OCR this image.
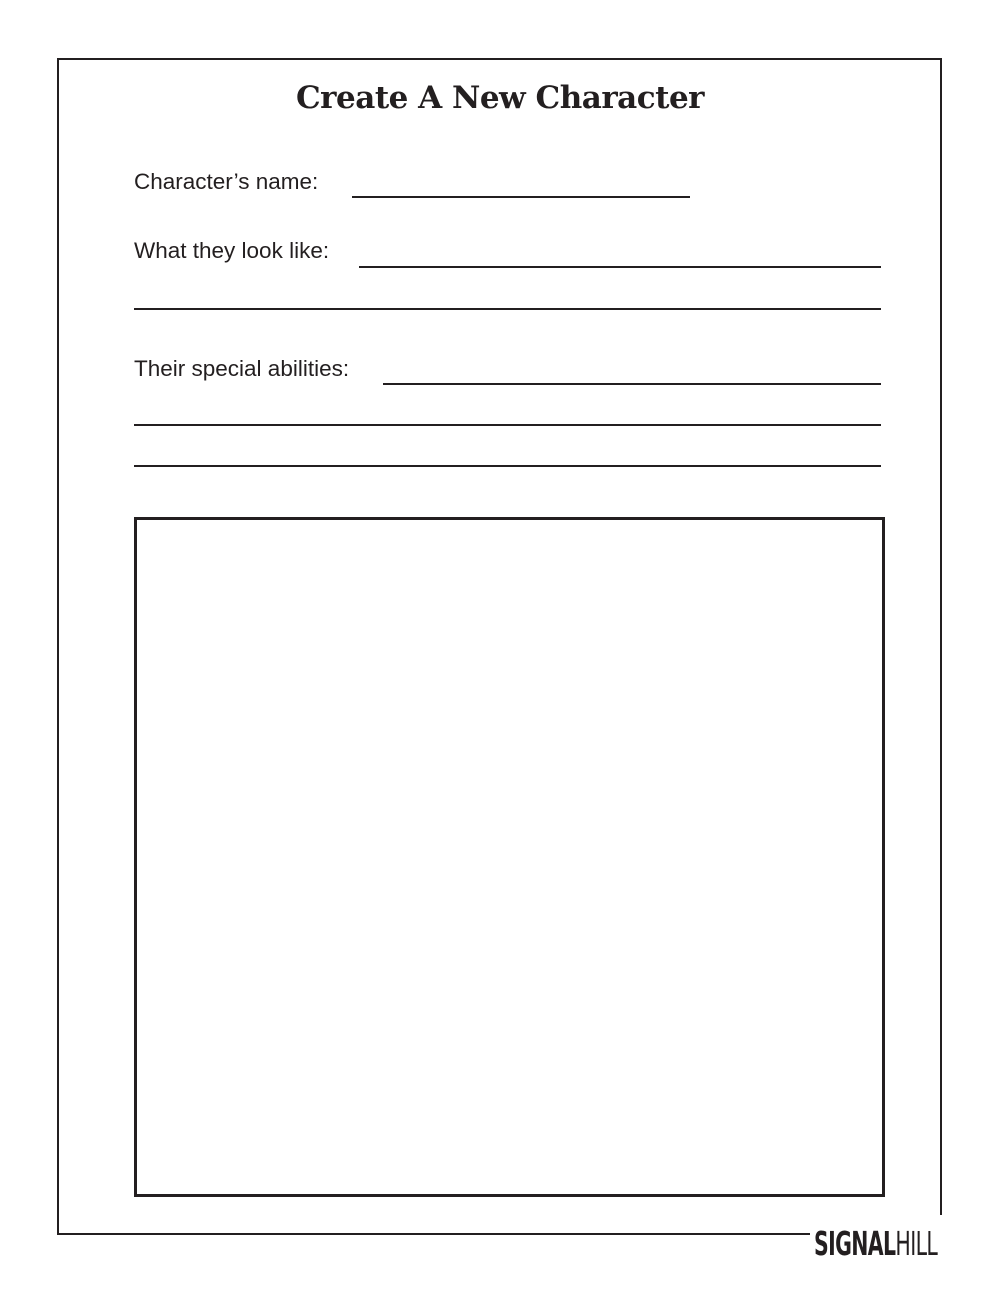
Create A New Character
Character’s name:
What they look like:
Their special abilities:
SIGNAL HILL
